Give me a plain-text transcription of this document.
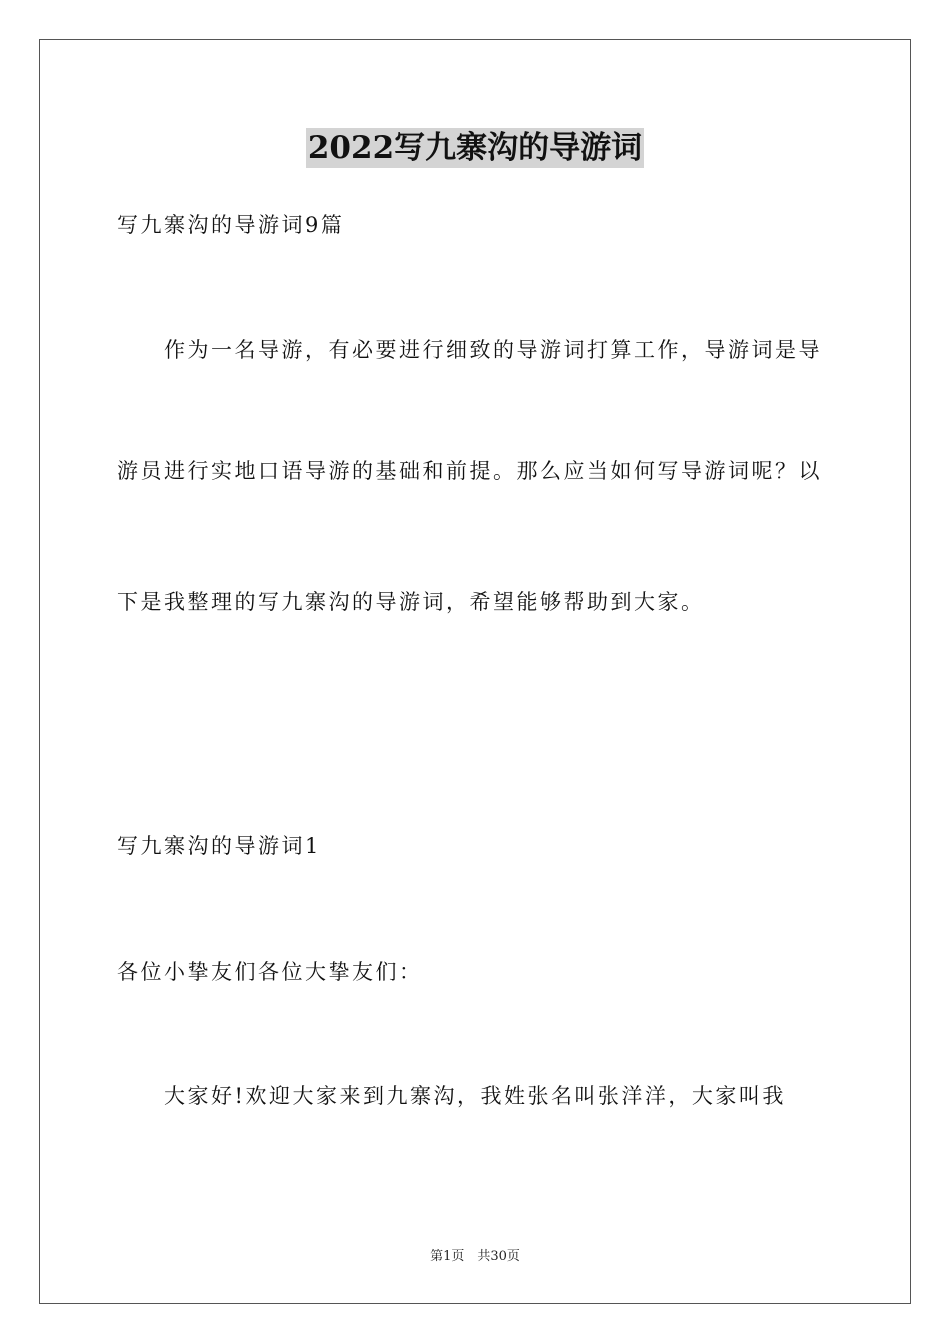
2022写九寨沟的导游词
写九寨沟的导游词9篇
作为一名导游，有必要进行细致的导游词打算工作，导游词是导
游员进行实地口语导游的基础和前提。那么应当如何写导游词呢？以
下是我整理的写九寨沟的导游词，希望能够帮助到大家。
写九寨沟的导游词1
各位小挚友们各位大挚友们：
大家好!欢迎大家来到九寨沟，我姓张名叫张洋洋，大家叫我
第1页　共30页
